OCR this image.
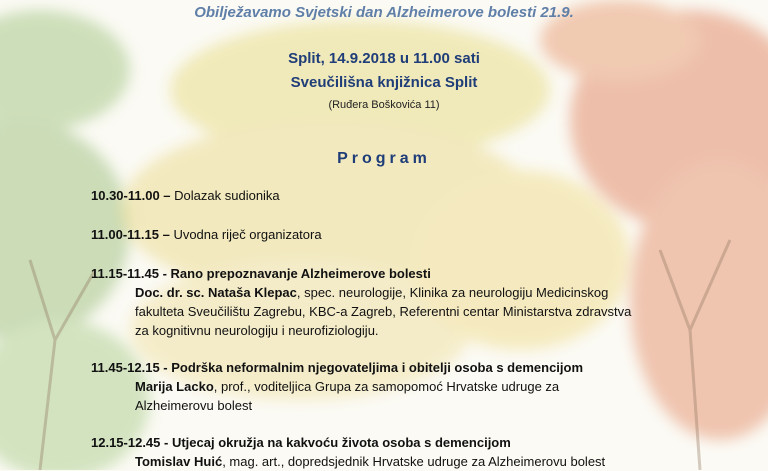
Obilježavamo Svjetski dan Alzheimerove bolesti 21.9.
Split, 14.9.2018 u 11.00 sati
Sveučilišna knjižnica Split
(Ruđera Boškovića 11)
Program
10.30-11.00 – Dolazak sudionika
11.00-11.15 – Uvodna riječ organizatora
11.15-11.45 - Rano prepoznavanje Alzheimerove bolesti
Doc. dr. sc. Nataša Klepac, spec. neurologije, Klinika za neurologiju Medicinskog
fakulteta Sveučilištu Zagrebu, KBC-a Zagreb, Referentni centar Ministarstva zdravstva
za kognitivnu neurologiju i neurofiziologiju.
11.45-12.15 - Podrška neformalnim njegovateljima i obitelji osoba s demencijom
Marija Lacko, prof., voditeljica Grupa za samopomoć Hrvatske udruge za
Alzheimerovu bolest
12.15-12.45 - Utjecaj okružja na kakvoću života osoba s demencijom
Tomislav Huić, mag. art., dopredsjednik Hrvatske udruge za Alzheimerovu bolest
